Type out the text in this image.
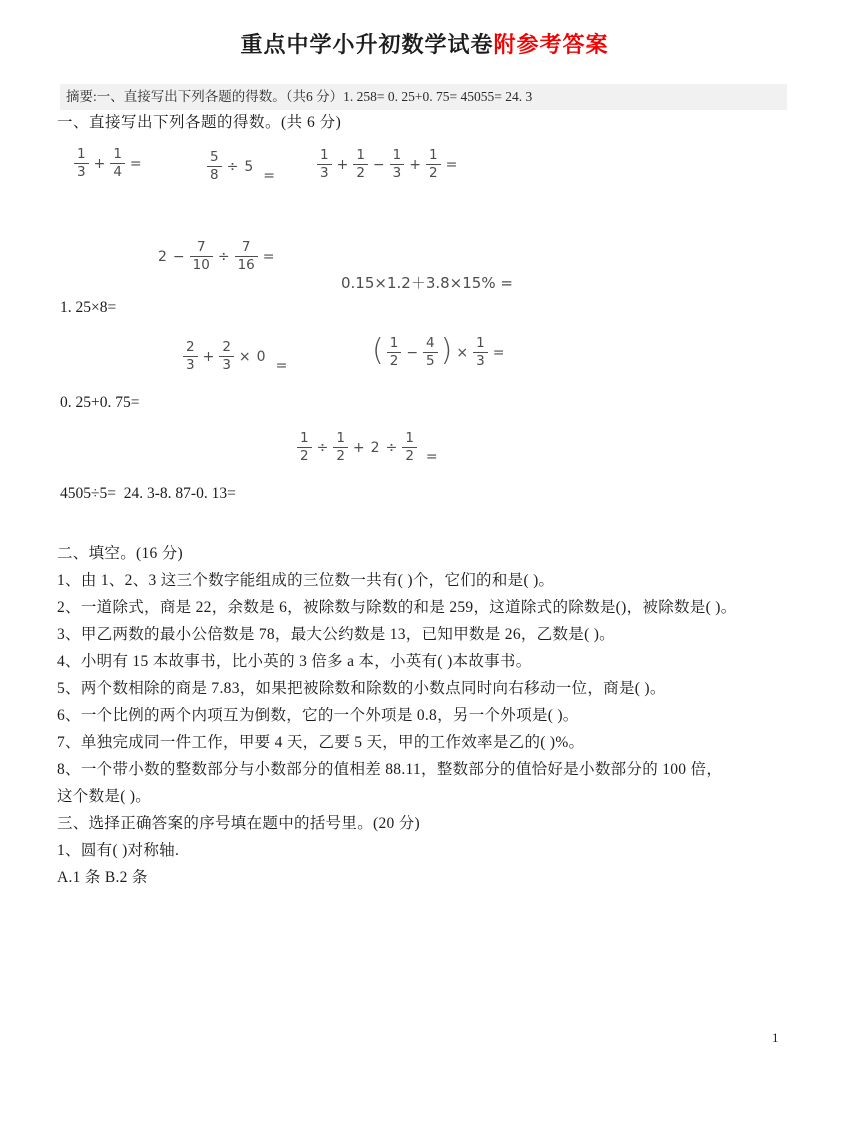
重点中学小升初数学试卷附参考答案
摘要:一、直接写出下列各题的得数。（共6 分）1. 258= 0. 25+0. 75= 45055= 24. 3
一、直接写出下列各题的得数。(共 6 分)
$\frac{1}{3} + \frac{1}{4}$ =	$\frac{5}{8} \div 5=$	$\frac{1}{3} + \frac{1}{2} - \frac{1}{3} + \frac{1}{2}$ =
$2 - \frac{7}{10} \div \frac{7}{16}$ =
0.15×1.2＋3.8×15% =
1. 25×8=
$\frac{2}{3} + \frac{2}{3} \times 0=$	( $\frac{1}{2} - \frac{4}{5}$ ) × $\frac{1}{3}$ =
0. 25+0. 75=
$\frac{1}{2} \div \frac{1}{2} + 2 \div \frac{1}{2}$ =
4505÷5=  24. 3-8. 87-0. 13=
二、填空。(16 分)
1、由 1、2、3 这三个数字能组成的三位数一共有( )个，它们的和是( )。
2、一道除式，商是 22，余数是 6，被除数与除数的和是 259，这道除式的除数是()，被除数是( )。
3、甲乙两数的最小公倍数是 78，最大公约数是 13，已知甲数是 26，乙数是( )。
4、小明有 15 本故事书，比小英的 3 倍多 a 本，小英有( )本故事书。
5、两个数相除的商是 7.83，如果把被除数和除数的小数点同时向右移动一位，商是( )。
6、一个比例的两个内项互为倒数，它的一个外项是 0.8，另一个外项是( )。
7、单独完成同一件工作，甲要 4 天，乙要 5 天，甲的工作效率是乙的( )%。
8、一个带小数的整数部分与小数部分的值相差 88.11，整数部分的值恰好是小数部分的 100 倍，
这个数是( )。
三、选择正确答案的序号填在题中的括号里。(20 分)
1、圆有( )对称轴.
A.1 条 B.2 条
1
